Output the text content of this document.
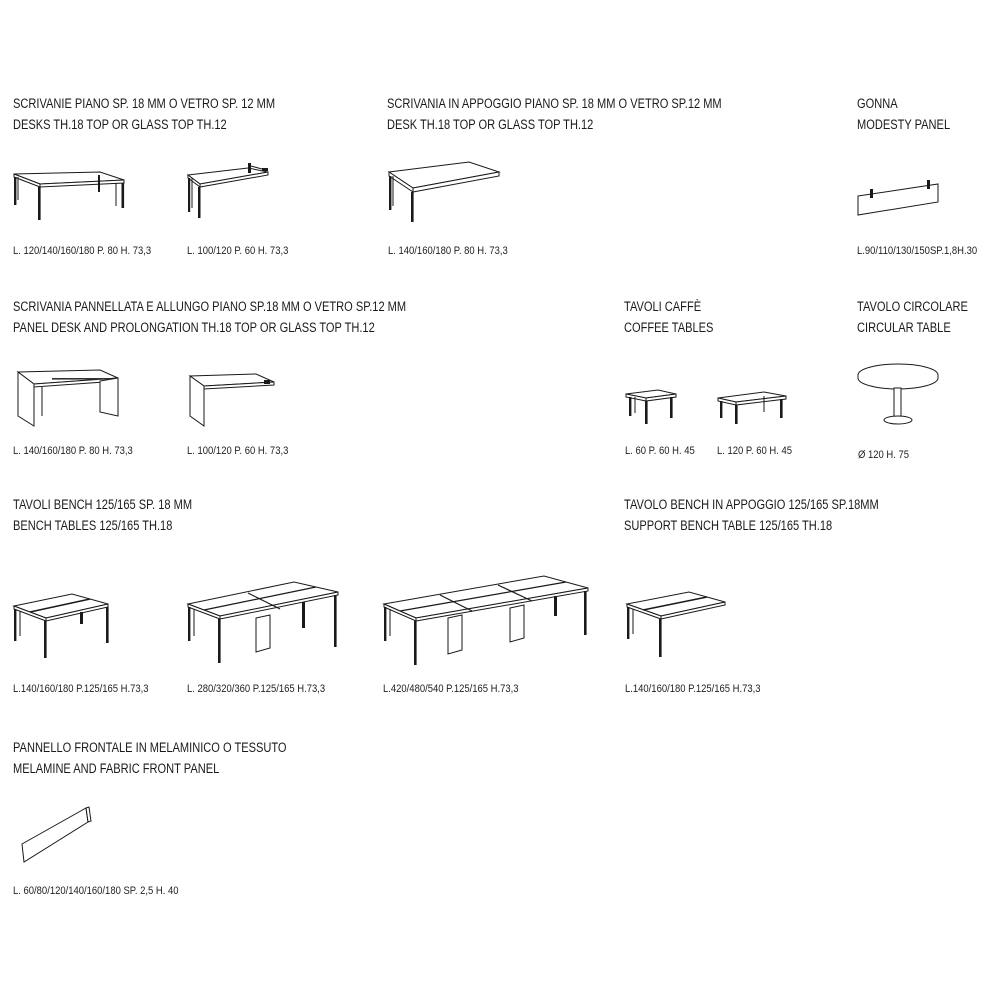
SCRIVANIE PIANO SP. 18 MM O VETRO SP. 12 MM
DESKS TH.18 TOP OR GLASS TOP TH.12
L. 120/140/160/180 P. 80 H. 73,3	L. 100/120 P. 60 H. 73,3
SCRIVANIA IN APPOGGIO PIANO SP. 18 MM O VETRO SP.12 MM
DESK TH.18 TOP OR GLASS TOP TH.12
L. 140/160/180 P. 80 H. 73,3
GONNA
MODESTY PANEL
L.90/110/130/150SP.1,8H.30
SCRIVANIA PANNELLATA E ALLUNGO PIANO SP.18 MM O VETRO SP.12 MM
PANEL DESK AND PROLONGATION TH.18 TOP OR GLASS TOP TH.12
L. 140/160/180 P. 80 H. 73,3	L. 100/120 P. 60 H. 73,3
TAVOLI CAFFÈ
COFFEE TABLES
L. 60 P. 60 H. 45 L. 120 P. 60 H. 45
TAVOLO CIRCOLARE
CIRCULAR TABLE
Ø 120 H. 75
TAVOLI BENCH 125/165 SP. 18 MM
BENCH TABLES 125/165 TH.18
L.140/160/180 P.125/165 H.73,3	L. 280/320/360 P.125/165 H.73,3	L.420/480/540 P.125/165 H.73,3
TAVOLO BENCH IN APPOGGIO 125/165 SP.18MM
SUPPORT BENCH TABLE 125/165 TH.18
L.140/160/180 P.125/165 H.73,3
PANNELLO FRONTALE IN MELAMINICO O TESSUTO
MELAMINE AND FABRIC FRONT PANEL
L. 60/80/120/140/160/180 SP. 2,5 H. 40
